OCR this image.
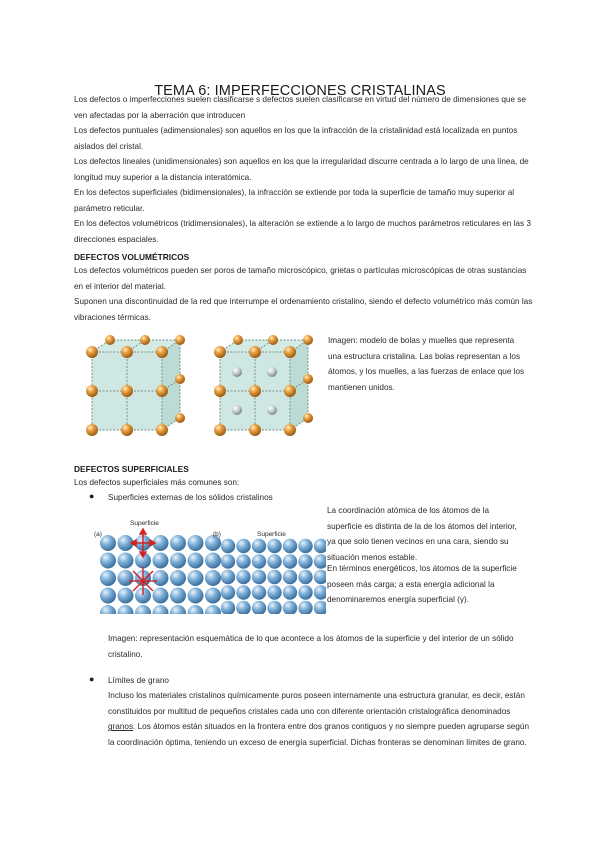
TEMA 6: IMPERFECCIONES CRISTALINAS

Los defectos o imperfecciones suelen clasificarse s defectos suelen clasificarse en virtud del número de dimensiones que se ven afectadas por la aberración que introducen

Los defectos puntuales (adimensionales) son aquellos en los que la infracción de la cristalinidad está localizada en puntos aislados del cristal.

Los defectos lineales (unidimensionales) son aquellos en los que la irregularidad discurre centrada a lo largo de una línea, de longitud muy superior a la distancia interatómica.

En los defectos superficiales (bidimensionales), la infracción se extiende por toda la superficie de tamaño muy superior al parámetro reticular.

En los defectos volumétricos (tridimensionales), la alteración se extiende a lo largo de muchos parámetros reticulares en las 3 direcciones espaciales.

DEFECTOS VOLUMÉTRICOS

Los defectos volumétricos pueden ser poros de tamaño microscópico, grietas o partículas microscópicas de otras sustancias en el interior del material.

Suponen una discontinuidad de la red que interrumpe el ordenamiento cristalino, siendo el defecto volumétrico más común las vibraciones térmicas.

Imagen: modelo de bolas y muelles que representa una estructura cristalina. Las bolas representan a los átomos, y los muelles, a las fuerzas de enlace que los mantienen unidos.

DEFECTOS SUPERFICIALES

Los defectos superficiales más comunes son:

● Superficies externas de los sólidos cristalinos

(a)
Superficie
(b)	Superficie

La coordinación atómica de los átomos de la superficie es distinta de la de los átomos del interior, ya que solo tienen vecinos en una cara, siendo su situación menos estable.

En términos energéticos, los átomos de la superficie poseen más carga; a esta energía adicional la denominaremos energía superficial (γ).

Imagen: representación esquemática de lo que acontece a los átomos de la superficie y del interior de un sólido cristalino.

● Límites de grano

Incluso los materiales cristalinos químicamente puros poseen internamente una estructura granular, es decir, están constituidos por multitud de pequeños cristales cada uno con diferente orientación cristalográfica denominados granos. Los átomos están situados en la frontera entre dos granos contiguos y no siempre pueden agruparse según la coordinación óptima, teniendo un exceso de energía superficial. Dichas fronteras se denominan límites de grano.
